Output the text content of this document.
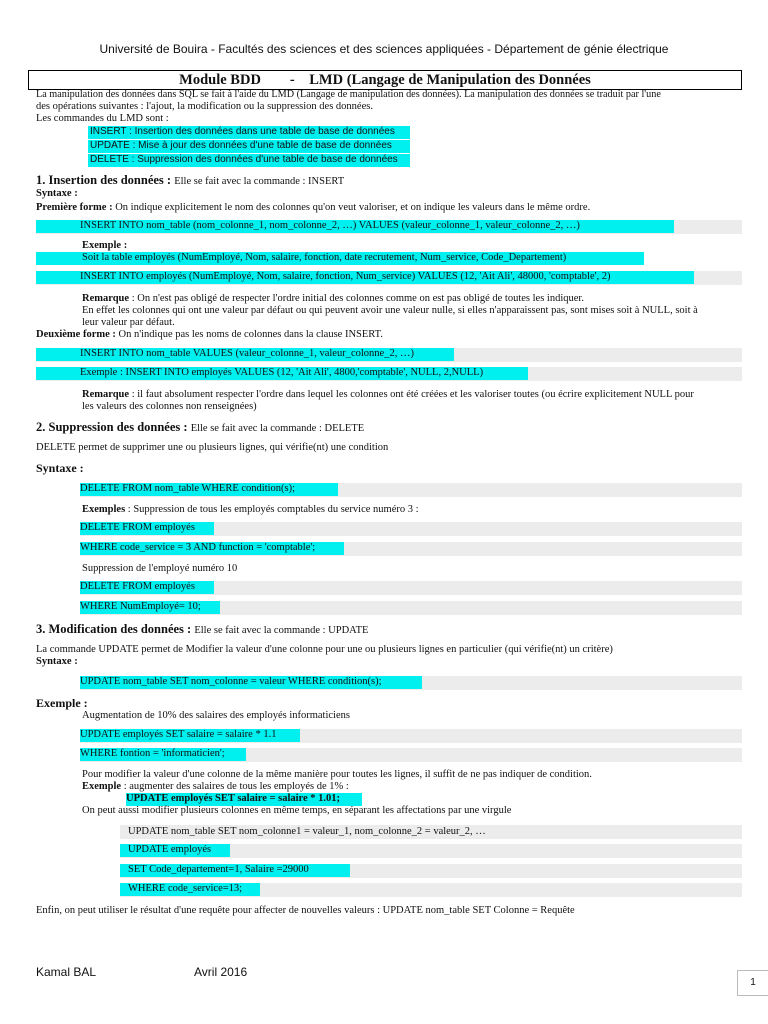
Université de Bouira - Facultés des sciences et des sciences appliquées - Département de génie électrique
Module BDD        -    LMD (Langage de Manipulation des Données
La manipulation des données dans SQL se fait à l'aide du LMD (Langage de manipulation des données). La manipulation des données se traduit par l'une
des opérations suivantes : l'ajout, la modification ou la suppression des données.
Les commandes du LMD sont :
INSERT : Insertion des données dans une table de base de données
UPDATE : Mise à jour des données d'une table de base de données
DELETE : Suppression des données d'une table de base de données
1. Insertion des données : Elle se fait avec la commande : INSERT
Syntaxe :
Première forme : On indique explicitement le nom des colonnes qu'on veut valoriser, et on indique les valeurs dans le même ordre.
INSERT INTO nom_table (nom_colonne_1, nom_colonne_2, …) VALUES (valeur_colonne_1, valeur_colonne_2, …)
Exemple :
Soit la table employés (NumEmployé, Nom, salaire, fonction, date recrutement, Num_service, Code_Departement)
INSERT INTO employés (NumEmployé, Nom, salaire, fonction, Num_service) VALUES (12, 'Ait Ali', 48000, 'comptable', 2)
Remarque : On n'est pas obligé de respecter l'ordre initial des colonnes comme on est pas obligé de toutes les indiquer.
En effet les colonnes qui ont une valeur par défaut ou qui peuvent avoir une valeur nulle, si elles n'apparaissent pas, sont mises soit à NULL, soit à
leur valeur par défaut.
Deuxième forme : On n'indique pas les noms de colonnes dans la clause INSERT.
INSERT INTO nom_table VALUES (valeur_colonne_1, valeur_colonne_2, …)
Exemple : INSERT INTO employés VALUES (12, 'Ait Ali', 4800,'comptable', NULL, 2,NULL)
Remarque : il faut absolument respecter l'ordre dans lequel les colonnes ont été créées et les valoriser toutes (ou écrire explicitement NULL pour
les valeurs des colonnes non renseignées)
2. Suppression des données : Elle se fait avec la commande : DELETE
DELETE permet de supprimer une ou plusieurs lignes, qui vérifie(nt) une condition
Syntaxe :
DELETE FROM nom_table WHERE condition(s);
Exemples : Suppression de tous les employés comptables du service numéro 3 :
DELETE FROM employés
WHERE code_service = 3 AND function = 'comptable';
Suppression de l'employé numéro 10
DELETE FROM employés
WHERE NumEmployé= 10;
3. Modification des données : Elle se fait avec la commande : UPDATE
La commande UPDATE permet de Modifier la valeur d'une colonne pour une ou plusieurs lignes en particulier (qui vérifie(nt) un critère)
Syntaxe :
UPDATE nom_table SET nom_colonne = valeur WHERE condition(s);
Exemple :
Augmentation de 10% des salaires des employés informaticiens
UPDATE employés SET salaire = salaire * 1.1
WHERE fontion = 'informaticien';
Pour modifier la valeur d'une colonne de la même manière pour toutes les lignes, il suffit de ne pas indiquer de condition.
Exemple : augmenter des salaires de tous les employés de 1% :
UPDATE employés SET salaire = salaire * 1.01;
On peut aussi modifier plusieurs colonnes en même temps, en séparant les affectations par une virgule
UPDATE nom_table SET nom_colonne1 = valeur_1, nom_colonne_2 = valeur_2, …
UPDATE employés
SET Code_departement=1, Salaire =29000
WHERE code_service=13;
Enfin, on peut utiliser le résultat d'une requête pour affecter de nouvelles valeurs : UPDATE nom_table SET Colonne = Requête
Kamal BAL	Avril 2016
1
